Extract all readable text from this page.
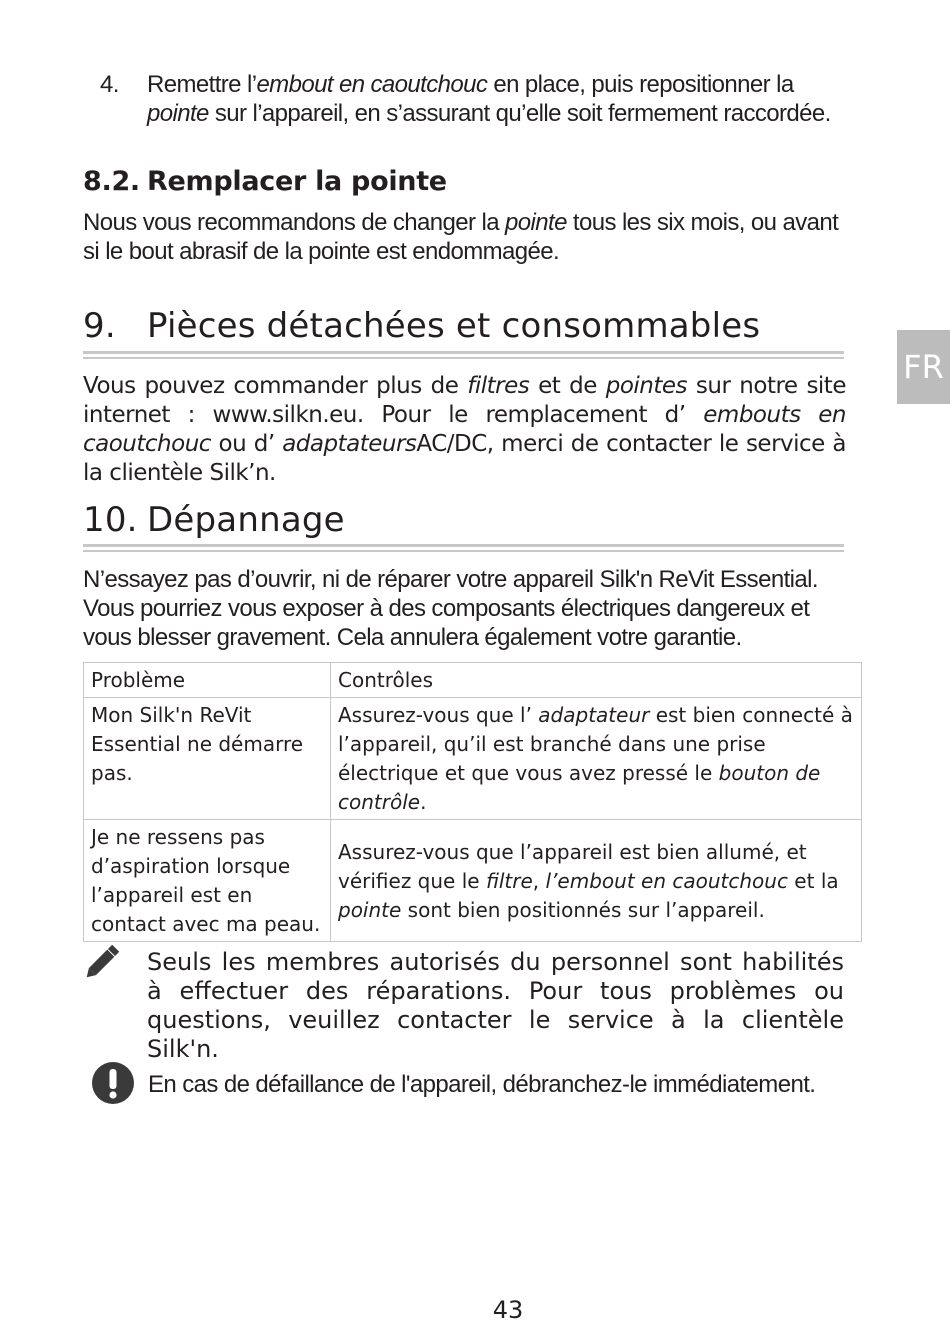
4. Remettre l’embout en caoutchouc en place, puis repositionner la pointe sur l’appareil, en s’assurant qu’elle soit fermement raccordée.
8.2. Remplacer la pointe
Nous vous recommandons de changer la pointe tous les six mois, ou avant si le bout abrasif de la pointe est endommagée.
9. Pièces détachées et consommables
Vous pouvez commander plus de filtres et de pointes sur notre site internet : www.silkn.eu. Pour le remplacement d’ embouts en caoutchouc ou d’ adaptateursAC/DC, merci de contacter le service à la clientèle Silk’n.
FR
10. Dépannage
N’essayez pas d’ouvrir, ni de réparer votre appareil Silk'n ReVit Essential. Vous pourriez vous exposer à des composants électriques dangereux et vous blesser gravement. Cela annulera également votre garantie.
Problème	Contrôles
Mon Silk'n ReVit Essential ne démarre pas.	Assurez-vous que l’ adaptateur est bien connecté à l’appareil, qu’il est branché dans une prise électrique et que vous avez pressé le bouton de contrôle.
Je ne ressens pas d’aspiration lorsque l’appareil est en contact avec ma peau.	Assurez-vous que l’appareil est bien allumé, et vérifiez que le filtre, l’embout en caoutchouc et la pointe sont bien positionnés sur l’appareil.
Seuls les membres autorisés du personnel sont habilités à effectuer des réparations. Pour tous problèmes ou questions, veuillez contacter le service à la clientèle Silk'n.
En cas de défaillance de l'appareil, débranchez-le immédiatement.
43
